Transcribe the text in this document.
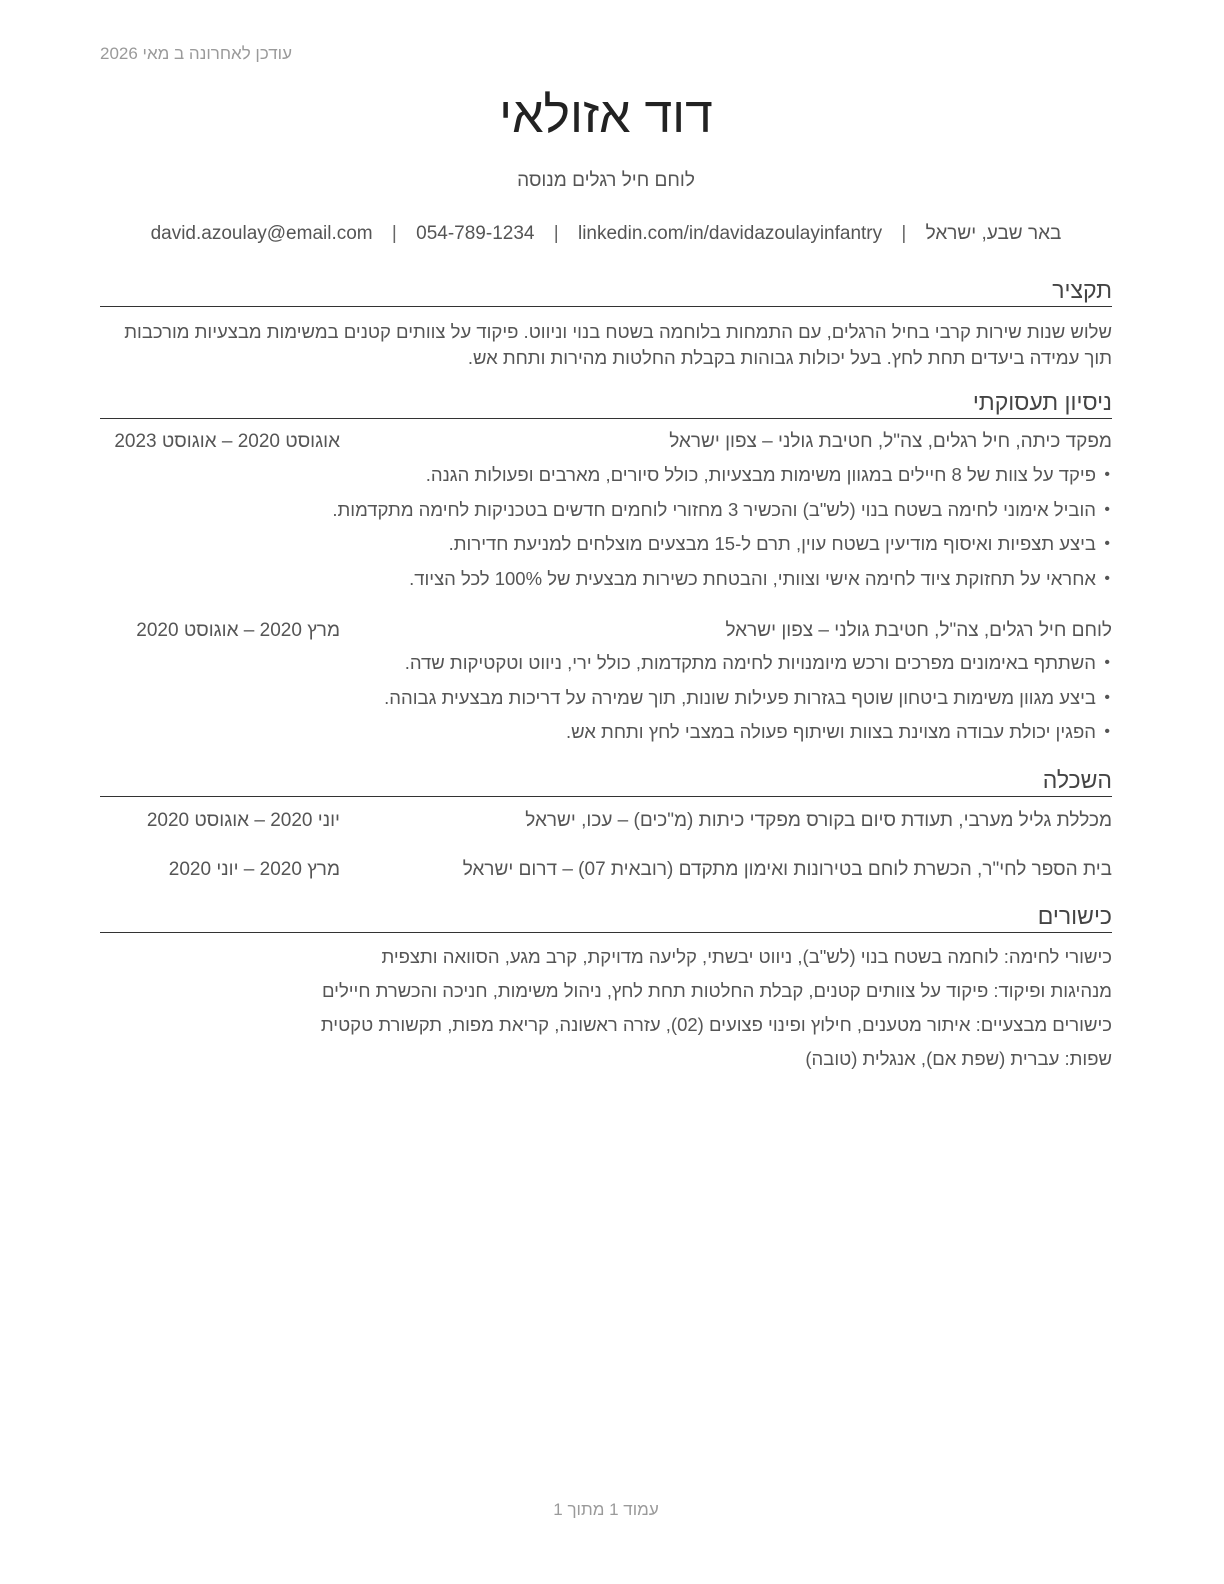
עודכן לאחרונה ב מאי 2026
דוד אזולאי
לוחם חיל רגלים מנוסה
באר שבע, ישראל | david.azoulay@email.com | 054-789-1234 | linkedin.com/in/davidazoulayinfantry
תקציר
שלוש שנות שירות קרבי בחיל הרגלים, עם התמחות בלוחמה בשטח בנוי וניווט. פיקוד על צוותים קטנים במשימות מבצעיות מורכבות תוך עמידה ביעדים תחת לחץ. בעל יכולות גבוהות בקבלת החלטות מהירות ותחת אש.
ניסיון תעסוקתי
מפקד כיתה, חיל רגלים, צה"ל, חטיבת גולני – צפון ישראל
אוגוסט 2020 – אוגוסט 2023
•
פיקד על צוות של 8 חיילים במגוון משימות מבצעיות, כולל סיורים, מארבים ופעולות הגנה.
•
הוביל אימוני לחימה בשטח בנוי (לש"ב) והכשיר 3 מחזורי לוחמים חדשים בטכניקות לחימה מתקדמות.
•
ביצע תצפיות ואיסוף מודיעין בשטח עוין, תרם ל-15 מבצעים מוצלחים למניעת חדירות.
•
אחראי על תחזוקת ציוד לחימה אישי וצוותי, והבטחת כשירות מבצעית של 100% לכל הציוד.
לוחם חיל רגלים, צה"ל, חטיבת גולני – צפון ישראל
מרץ 2020 – אוגוסט 2020
•
השתתף באימונים מפרכים ורכש מיומנויות לחימה מתקדמות, כולל ירי, ניווט וטקטיקות שדה.
•
ביצע מגוון משימות ביטחון שוטף בגזרות פעילות שונות, תוך שמירה על דריכות מבצעית גבוהה.
•
הפגין יכולת עבודה מצוינת בצוות ושיתוף פעולה במצבי לחץ ותחת אש.
השכלה
מכללת גליל מערבי, תעודת סיום בקורס מפקדי כיתות (מ"כים) – עכו, ישראל
יוני 2020 – אוגוסט 2020
בית הספר לחי"ר, הכשרת לוחם בטירונות ואימון מתקדם (רובאית 07) – דרום ישראל
מרץ 2020 – יוני 2020
כישורים
כישורי לחימה: לוחמה בשטח בנוי (לש"ב), ניווט יבשתי, קליעה מדויקת, קרב מגע, הסוואה ותצפית
מנהיגות ופיקוד: פיקוד על צוותים קטנים, קבלת החלטות תחת לחץ, ניהול משימות, חניכה והכשרת חיילים
כישורים מבצעיים: איתור מטענים, חילוץ ופינוי פצועים (02), עזרה ראשונה, קריאת מפות, תקשורת טקטית
שפות: עברית (שפת אם), אנגלית (טובה)
עמוד 1 מתוך 1
